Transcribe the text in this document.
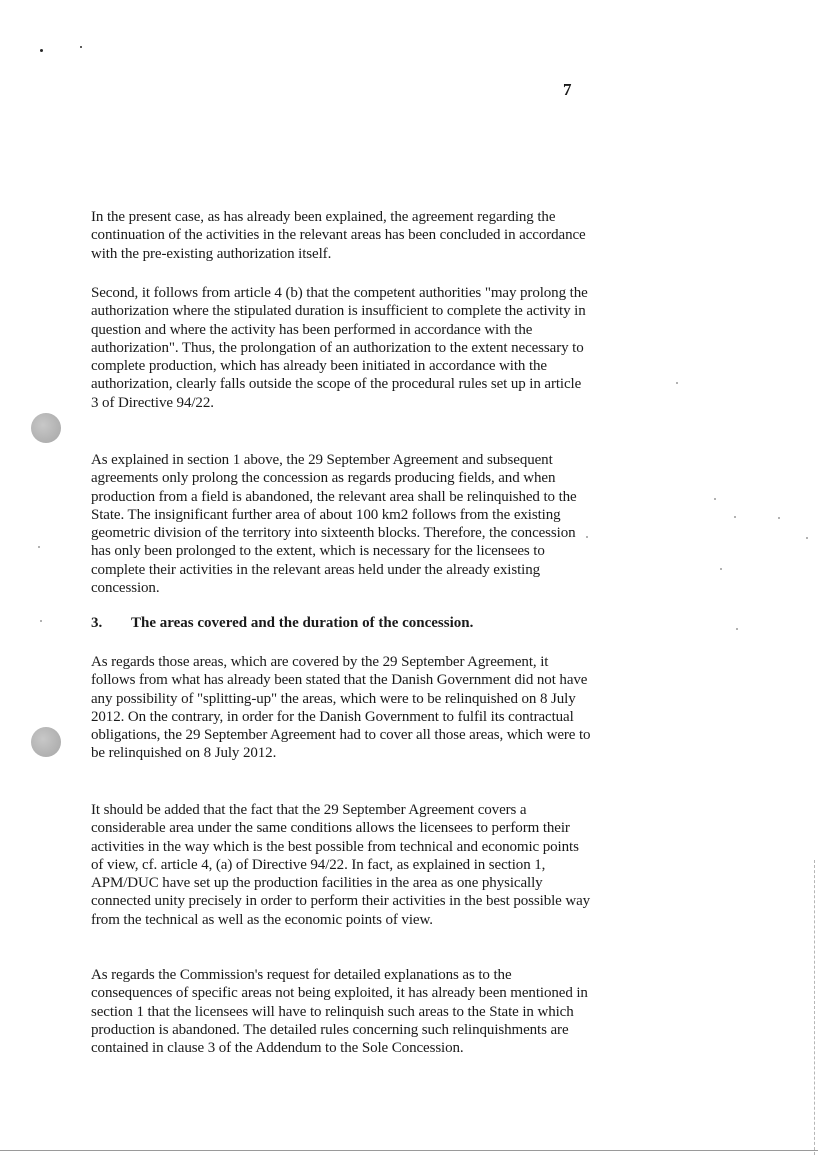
7

In the present case, as has already been explained, the agreement regarding the continuation of the activities in the relevant areas has been concluded in accordance with the pre-existing authorization itself.

Second, it follows from article 4 (b) that the competent authorities "may prolong the authorization where the stipulated duration is insufficient to complete the activity in question and where the activity has been performed in accordance with the authorization". Thus, the prolongation of an authorization to the extent necessary to complete production, which has already been initiated in accordance with the authorization, clearly falls outside the scope of the procedural rules set up in article 3 of Directive 94/22.

As explained in section 1 above, the 29 September Agreement and subsequent agreements only prolong the concession as regards producing fields, and when production from a field is abandoned, the relevant area shall be relinquished to the State. The insignificant further area of about 100 km2 follows from the existing geometric division of the territory into sixteenth blocks. Therefore, the concession has only been prolonged to the extent, which is necessary for the licensees to complete their activities in the relevant areas held under the already existing concession.

3. The areas covered and the duration of the concession.

As regards those areas, which are covered by the 29 September Agreement, it follows from what has already been stated that the Danish Government did not have any possibility of "splitting-up" the areas, which were to be relinquished on 8 July 2012. On the contrary, in order for the Danish Government to fulfil its contractual obligations, the 29 September Agreement had to cover all those areas, which were to be relinquished on 8 July 2012.

It should be added that the fact that the 29 September Agreement covers a considerable area under the same conditions allows the licensees to perform their activities in the way which is the best possible from technical and economic points of view, cf. article 4, (a) of Directive 94/22. In fact, as explained in section 1, APM/DUC have set up the production facilities in the area as one physically connected unity precisely in order to perform their activities in the best possible way from the technical as well as the economic points of view.

As regards the Commission's request for detailed explanations as to the consequences of specific areas not being exploited, it has already been mentioned in section 1 that the licensees will have to relinquish such areas to the State in which production is abandoned. The detailed rules concerning such relinquishments are contained in clause 3 of the Addendum to the Sole Concession.
